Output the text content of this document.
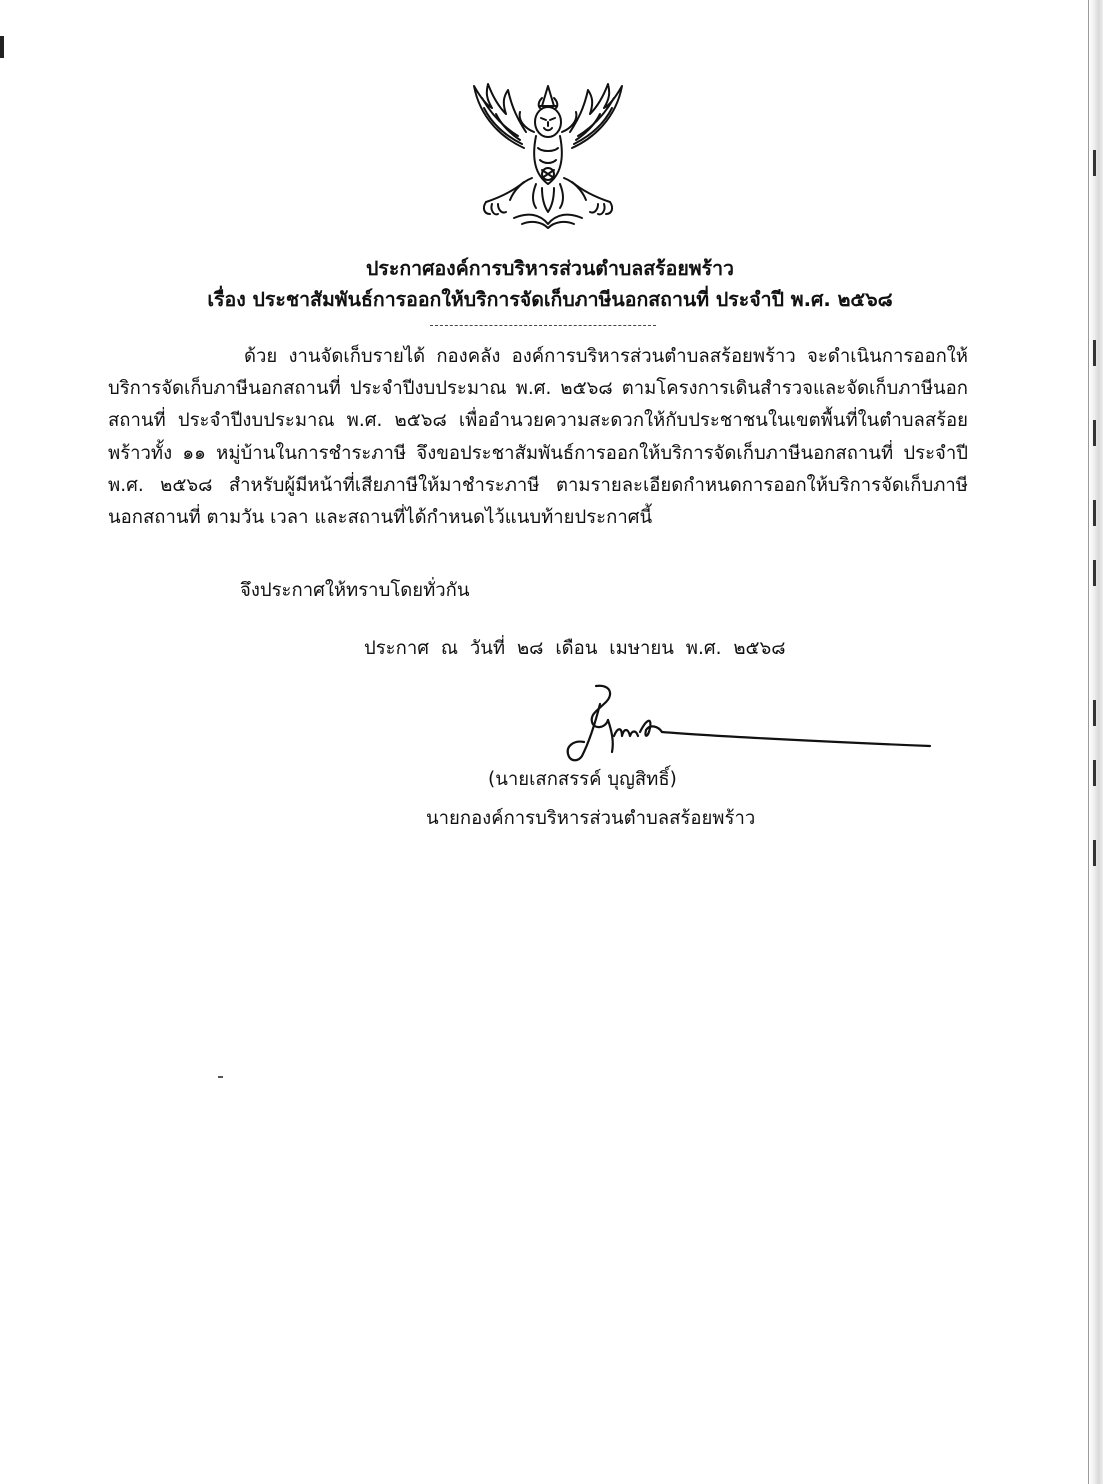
ประกาศองค์การบริหารส่วนตำบลสร้อยพร้าว
เรื่อง ประชาสัมพันธ์การออกให้บริการจัดเก็บภาษีนอกสถานที่ ประจำปี พ.ศ. ๒๕๖๘
ด้วย งานจัดเก็บรายได้ กองคลัง องค์การบริหารส่วนตำบลสร้อยพร้าว จะดำเนินการออกให้บริการจัดเก็บภาษีนอกสถานที่ ประจำปีงบประมาณ พ.ศ. ๒๕๖๘ ตามโครงการเดินสำรวจและจัดเก็บภาษีนอกสถานที่ ประจำปีงบประมาณ พ.ศ. ๒๕๖๘ เพื่ออำนวยความสะดวกให้กับประชาชนในเขตพื้นที่ในตำบลสร้อยพร้าวทั้ง ๑๑ หมู่บ้านในการชำระภาษี จึงขอประชาสัมพันธ์การออกให้บริการจัดเก็บภาษีนอกสถานที่ ประจำปี พ.ศ. ๒๕๖๘ สำหรับผู้มีหน้าที่เสียภาษีให้มาชำระภาษี ตามรายละเอียดกำหนดการออกให้บริการจัดเก็บภาษีนอกสถานที่ ตามวัน เวลา และสถานที่ได้กำหนดไว้แนบท้ายประกาศนี้
จึงประกาศให้ทราบโดยทั่วกัน
ประกาศ ณ วันที่ ๒๘ เดือน เมษายน พ.ศ. ๒๕๖๘
(นายเสกสรรค์ บุญสิทธิ์)
นายกองค์การบริหารส่วนตำบลสร้อยพร้าว
